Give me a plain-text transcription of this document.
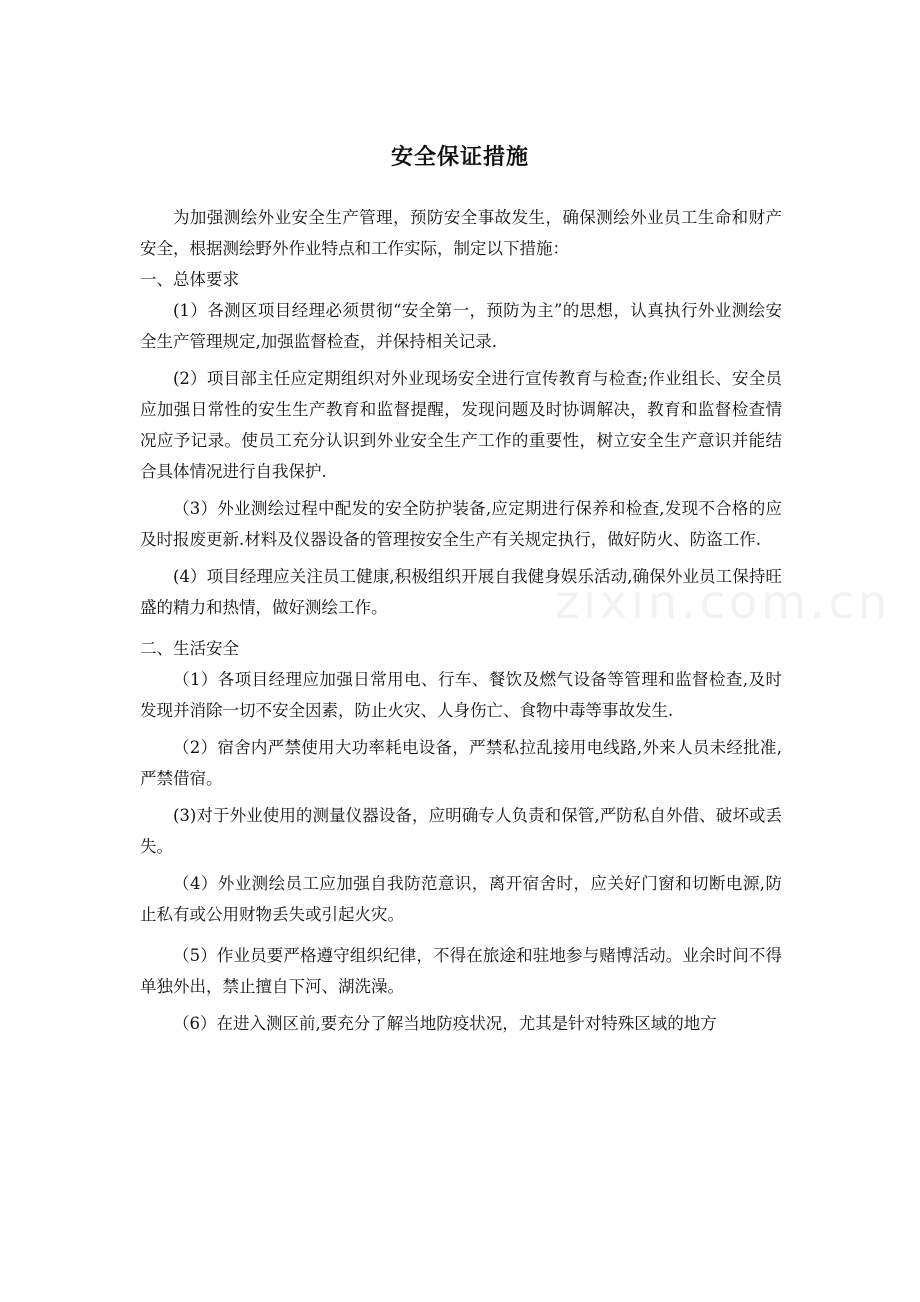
安全保证措施

为加强测绘外业安全生产管理，预防安全事故发生，确保测绘外业员工生命和财产安全，根据测绘野外作业特点和工作实际，制定以下措施：

一、总体要求

(1）各测区项目经理必须贯彻“安全第一，预防为主”的思想，认真执行外业测绘安全生产管理规定,加强监督检查，并保持相关记录.

(2）项目部主任应定期组织对外业现场安全进行宣传教育与检查;作业组长、安全员应加强日常性的安生生产教育和监督提醒，发现问题及时协调解决，教育和监督检查情况应予记录。使员工充分认识到外业安全生产工作的重要性，树立安全生产意识并能结合具体情况进行自我保护.

（3）外业测绘过程中配发的安全防护装备,应定期进行保养和检查,发现不合格的应及时报废更新.材料及仪器设备的管理按安全生产有关规定执行，做好防火、防盗工作.

(4）项目经理应关注员工健康,积极组织开展自我健身娱乐活动,确保外业员工保持旺盛的精力和热情，做好测绘工作。

二、生活安全

（1）各项目经理应加强日常用电、行车、餐饮及燃气设备等管理和监督检查,及时发现并消除一切不安全因素，防止火灾、人身伤亡、食物中毒等事故发生.

（2）宿舍内严禁使用大功率耗电设备，严禁私拉乱接用电线路,外来人员未经批准,严禁借宿。

(3)对于外业使用的测量仪器设备，应明确专人负责和保管,严防私自外借、破坏或丢失。

（4）外业测绘员工应加强自我防范意识，离开宿舍时，应关好门窗和切断电源,防止私有或公用财物丢失或引起火灾。

（5）作业员要严格遵守组织纪律，不得在旅途和驻地参与赌博活动。业余时间不得单独外出，禁止擅自下河、湖洗澡。

（6）在进入测区前,要充分了解当地防疫状况，尤其是针对特殊区域的地方

zixin.com.cn
